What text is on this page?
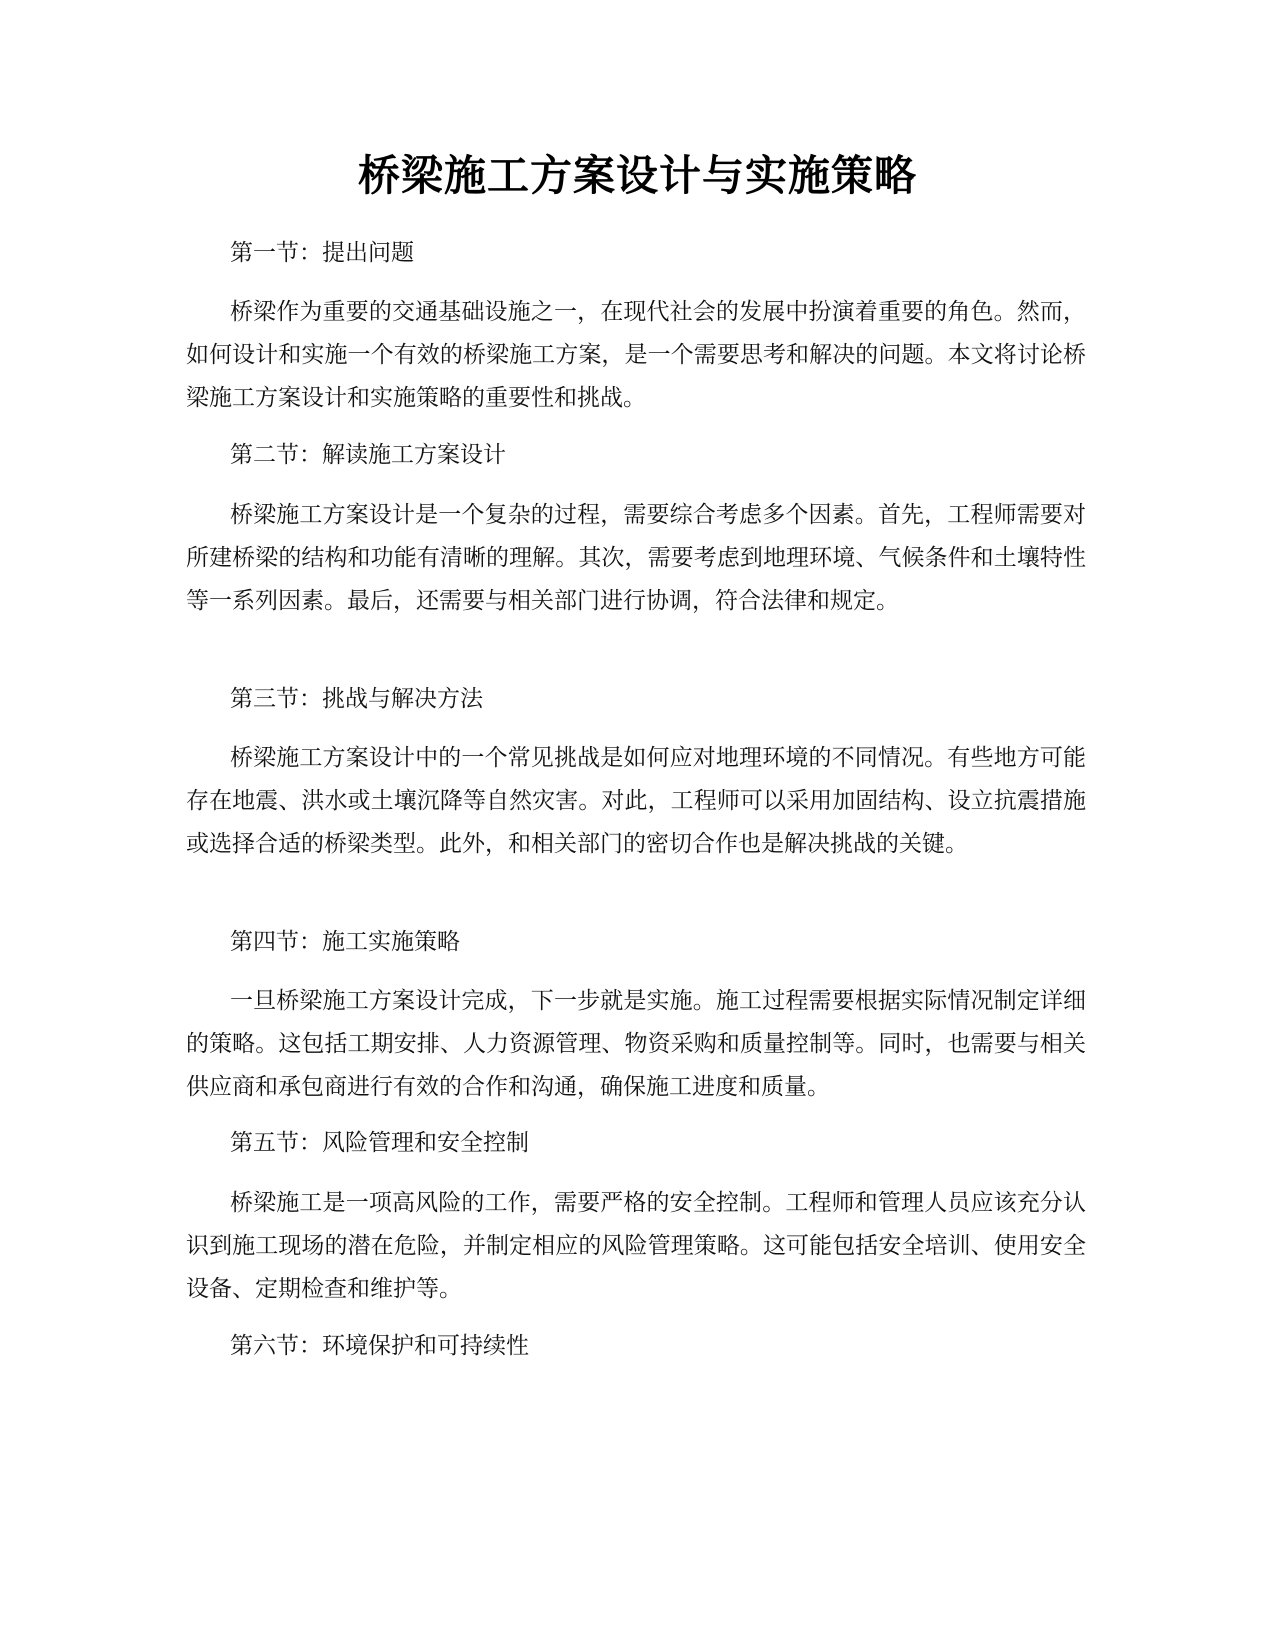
桥梁施工方案设计与实施策略
第一节：提出问题

桥梁作为重要的交通基础设施之一，在现代社会的发展中扮演着重要的角色。然而，如何设计和实施一个有效的桥梁施工方案，是一个需要思考和解决的问题。本文将讨论桥梁施工方案设计和实施策略的重要性和挑战。

第二节：解读施工方案设计

桥梁施工方案设计是一个复杂的过程，需要综合考虑多个因素。首先，工程师需要对所建桥梁的结构和功能有清晰的理解。其次，需要考虑到地理环境、气候条件和土壤特性等一系列因素。最后，还需要与相关部门进行协调，符合法律和规定。

第三节：挑战与解决方法

桥梁施工方案设计中的一个常见挑战是如何应对地理环境的不同情况。有些地方可能存在地震、洪水或土壤沉降等自然灾害。对此，工程师可以采用加固结构、设立抗震措施或选择合适的桥梁类型。此外，和相关部门的密切合作也是解决挑战的关键。

第四节：施工实施策略

一旦桥梁施工方案设计完成，下一步就是实施。施工过程需要根据实际情况制定详细的策略。这包括工期安排、人力资源管理、物资采购和质量控制等。同时，也需要与相关供应商和承包商进行有效的合作和沟通，确保施工进度和质量。

第五节：风险管理和安全控制

桥梁施工是一项高风险的工作，需要严格的安全控制。工程师和管理人员应该充分认识到施工现场的潜在危险，并制定相应的风险管理策略。这可能包括安全培训、使用安全设备、定期检查和维护等。

第六节：环境保护和可持续性
